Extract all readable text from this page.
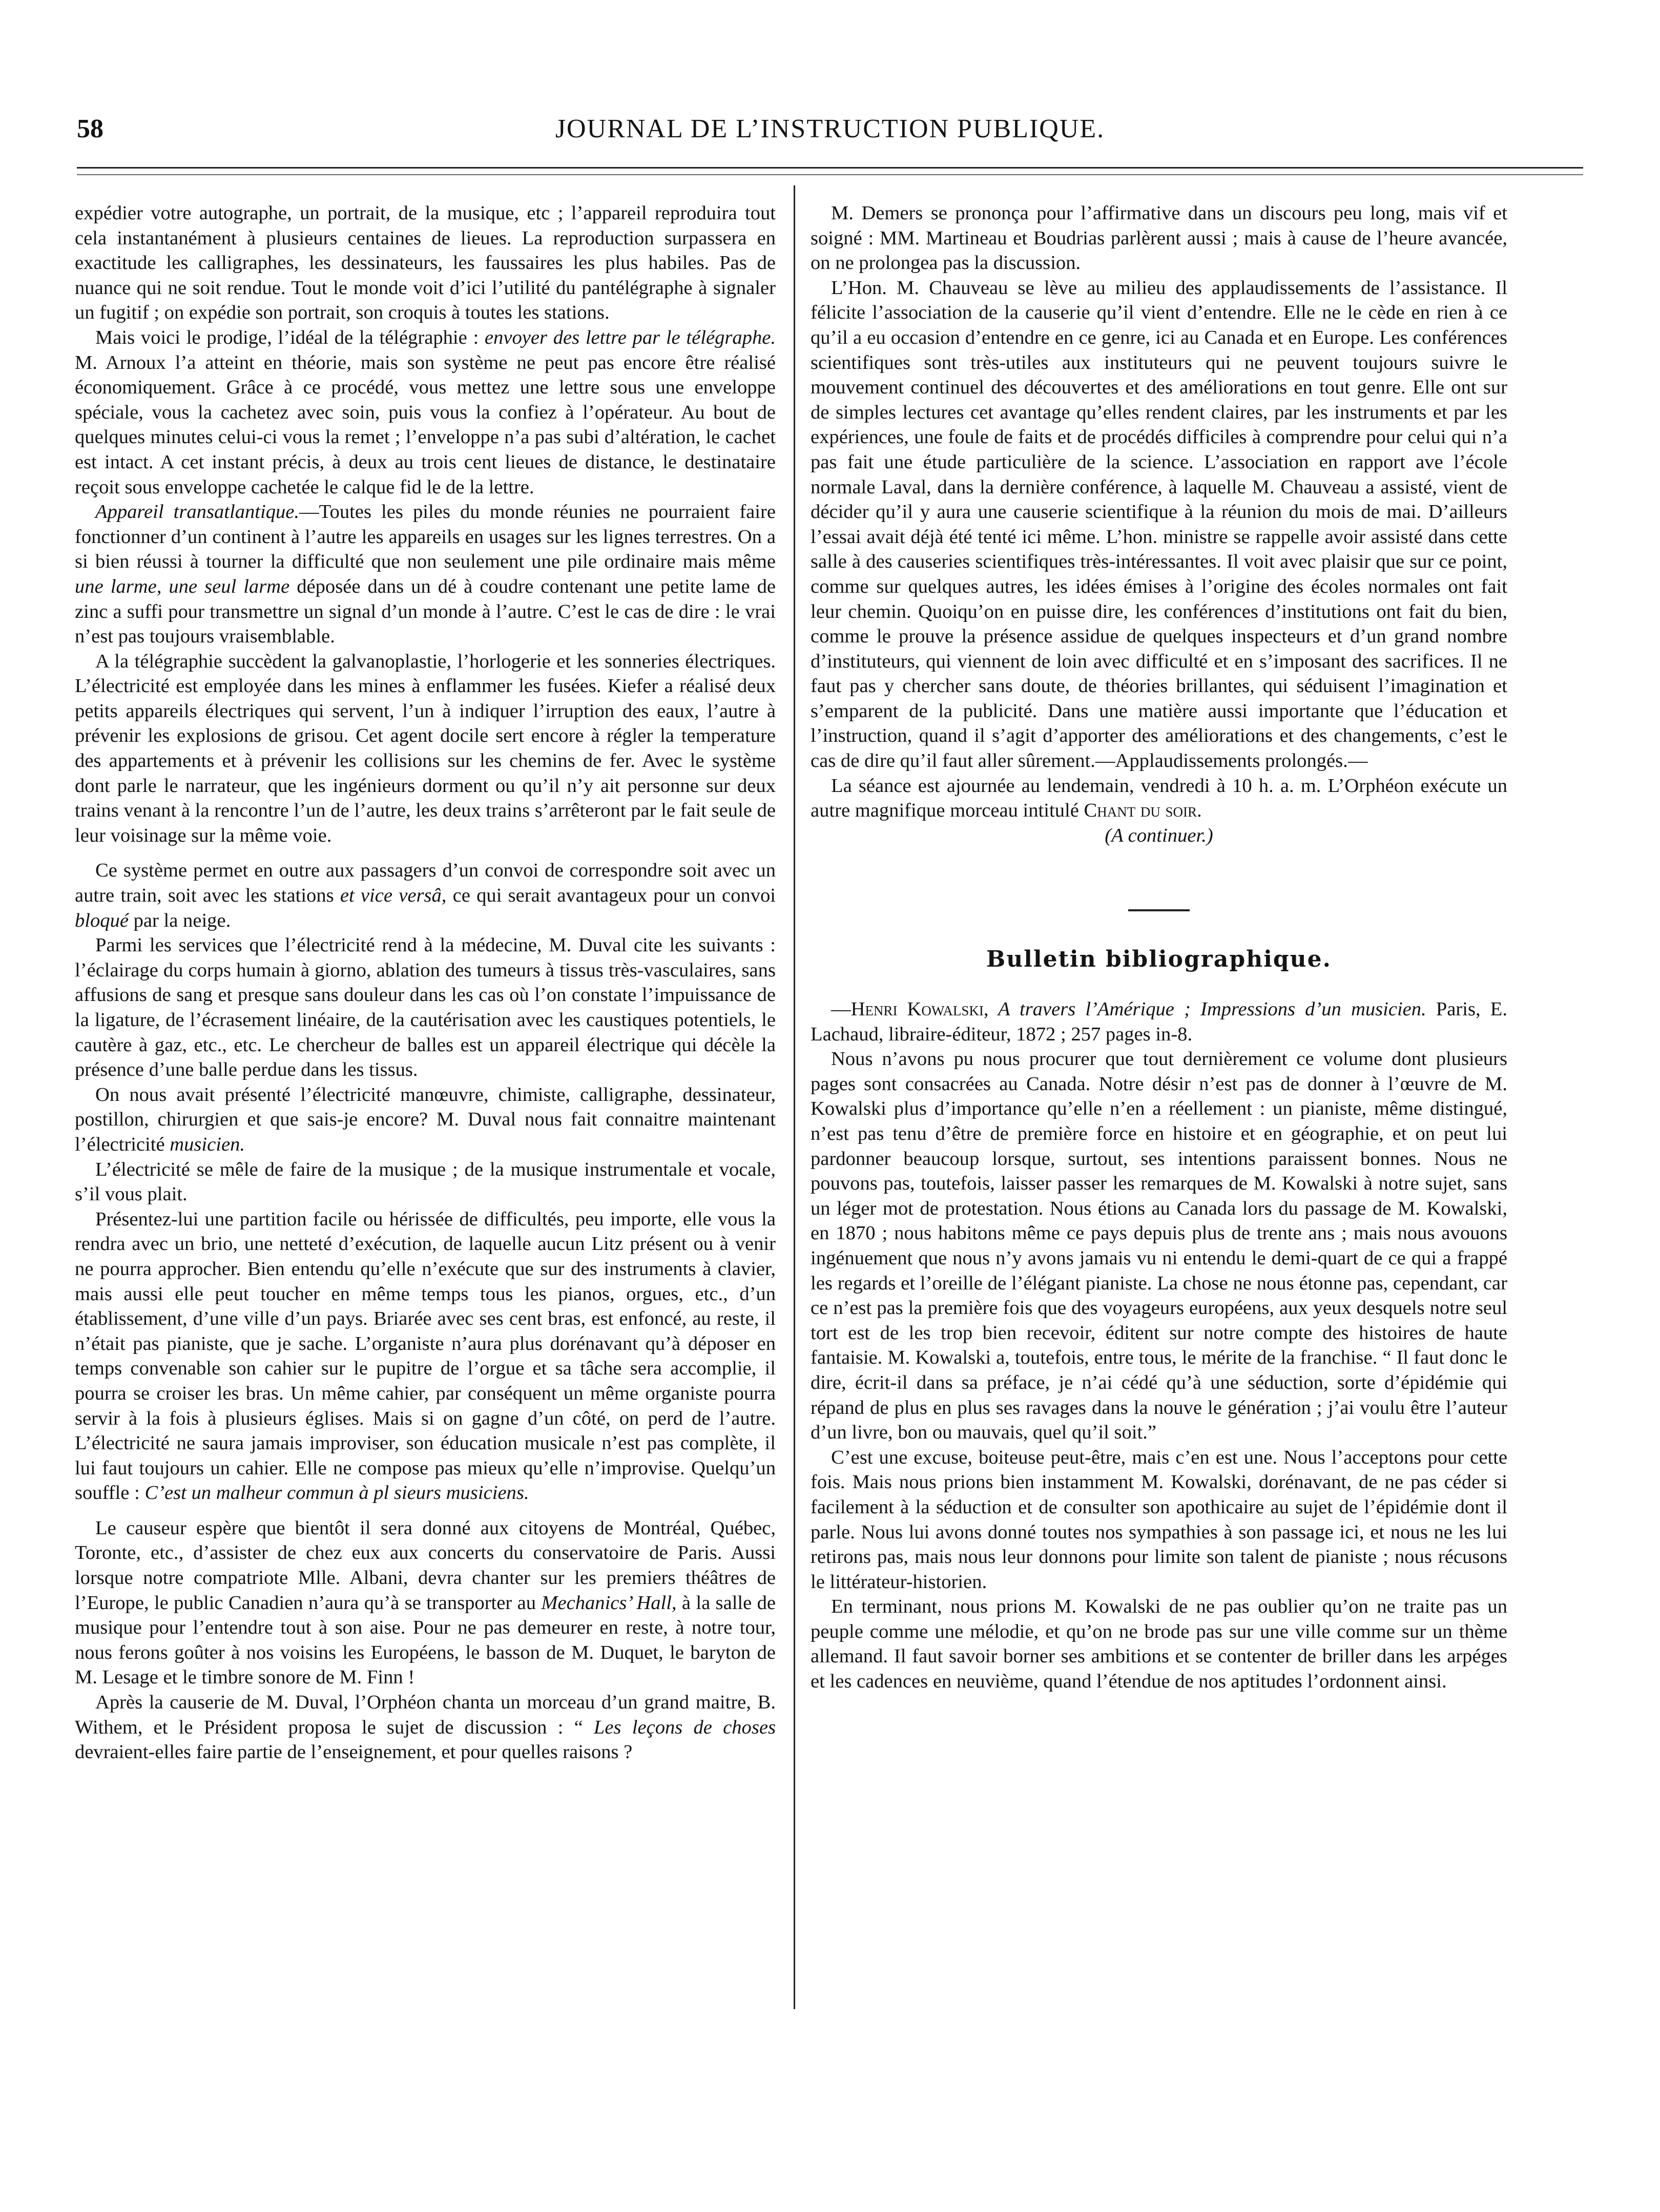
58	JOURNAL DE L’INSTRUCTION PUBLIQUE.

expédier votre autographe, un portrait, de la musique, etc ; l’appareil reproduira tout cela instantanément à plusieurs centaines de lieues. La reproduction surpassera en exactitude les calligraphes, les dessinateurs, les faussaires les plus habiles. Pas de nuance qui ne soit rendue. Tout le monde voit d’ici l’utilité du pantélégraphe à signaler un fugitif ; on expédie son portrait, son croquis à toutes les stations.

Mais voici le prodige, l’idéal de la télégraphie : envoyer des lettre par le télégraphe. M. Arnoux l’a atteint en théorie, mais son système ne peut pas encore être réalisé économiquement. Grâce à ce procédé, vous mettez une lettre sous une enveloppe spéciale, vous la cachetez avec soin, puis vous la confiez à l’opérateur. Au bout de quelques minutes celui-ci vous la remet ; l’enveloppe n’a pas subi d’altération, le cachet est intact. A cet instant précis, à deux au trois cent lieues de distance, le destinataire reçoit sous enveloppe cachetée le calque fid le de la lettre.

Appareil transatlantique.—Toutes les piles du monde réunies ne pourraient faire fonctionner d’un continent à l’autre les appareils en usages sur les lignes terrestres. On a si bien réussi à tourner la difficulté que non seulement une pile ordinaire mais même une larme, une seul larme déposée dans un dé à coudre contenant une petite lame de zinc a suffi pour transmettre un signal d’un monde à l’autre. C’est le cas de dire : le vrai n’est pas toujours vraisemblable.

A la télégraphie succèdent la galvanoplastie, l’horlogerie et les sonneries électriques. L’électricité est employée dans les mines à enflammer les fusées. Kiefer a réalisé deux petits appareils électriques qui servent, l’un à indiquer l’irruption des eaux, l’autre à prévenir les explosions de grisou. Cet agent docile sert encore à régler la temperature des appartements et à prévenir les collisions sur les chemins de fer. Avec le système dont parle le narrateur, que les ingénieurs dorment ou qu’il n’y ait personne sur deux trains venant à la rencontre l’un de l’autre, les deux trains s’arrêteront par le fait seule de leur voisinage sur la même voie.

Ce système permet en outre aux passagers d’un convoi de correspondre soit avec un autre train, soit avec les stations et vice versâ, ce qui serait avantageux pour un convoi bloqué par la neige.

Parmi les services que l’électricité rend à la médecine, M. Duval cite les suivants : l’éclairage du corps humain à giorno, ablation des tumeurs à tissus très-vasculaires, sans affusions de sang et presque sans douleur dans les cas où l’on constate l’impuissance de la ligature, de l’écrasement linéaire, de la cautérisation avec les caustiques potentiels, le cautère à gaz, etc., etc. Le chercheur de balles est un appareil électrique qui décèle la présence d’une balle perdue dans les tissus.

On nous avait présenté l’électricité manœuvre, chimiste, calligraphe, dessinateur, postillon, chirurgien et que sais-je encore? M. Duval nous fait connaitre maintenant l’électricité musicien.

L’électricité se mêle de faire de la musique ; de la musique instrumentale et vocale, s’il vous plait.

Présentez-lui une partition facile ou hérissée de difficultés, peu importe, elle vous la rendra avec un brio, une netteté d’exécution, de laquelle aucun Litz présent ou à venir ne pourra approcher. Bien entendu qu’elle n’exécute que sur des instruments à clavier, mais aussi elle peut toucher en même temps tous les pianos, orgues, etc., d’un établissement, d’une ville d’un pays. Briarée avec ses cent bras, est enfoncé, au reste, il n’était pas pianiste, que je sache. L’organiste n’aura plus dorénavant qu’à déposer en temps convenable son cahier sur le pupitre de l’orgue et sa tâche sera accomplie, il pourra se croiser les bras. Un même cahier, par conséquent un même organiste pourra servir à la fois à plusieurs églises. Mais si on gagne d’un côté, on perd de l’autre. L’électricité ne saura jamais improviser, son éducation musicale n’est pas complète, il lui faut toujours un cahier. Elle ne compose pas mieux qu’elle n’improvise. Quelqu’un souffle : C’est un malheur commun à pl sieurs musiciens.

Le causeur espère que bientôt il sera donné aux citoyens de Montréal, Québec, Toronte, etc., d’assister de chez eux aux concerts du conservatoire de Paris. Aussi lorsque notre compatriote Mlle. Albani, devra chanter sur les premiers théâtres de l’Europe, le public Canadien n’aura qu’à se transporter au Mechanics’ Hall, à la salle de musique pour l’entendre tout à son aise. Pour ne pas demeurer en reste, à notre tour, nous ferons goûter à nos voisins les Européens, le basson de M. Duquet, le baryton de M. Lesage et le timbre sonore de M. Finn !

Après la causerie de M. Duval, l’Orphéon chanta un morceau d’un grand maitre, B. Withem, et le Président proposa le sujet de discussion : “ Les leçons de choses devraient-elles faire partie de l’enseignement, et pour quelles raisons ?

M. Demers se prononça pour l’affirmative dans un discours peu long, mais vif et soigné : MM. Martineau et Boudrias parlèrent aussi ; mais à cause de l’heure avancée, on ne prolongea pas la discussion.

L’Hon. M. Chauveau se lève au milieu des applaudissements de l’assistance. Il félicite l’association de la causerie qu’il vient d’entendre. Elle ne le cède en rien à ce qu’il a eu occasion d’entendre en ce genre, ici au Canada et en Europe. Les conférences scientifiques sont très-utiles aux instituteurs qui ne peuvent toujours suivre le mouvement continuel des découvertes et des améliorations en tout genre. Elle ont sur de simples lectures cet avantage qu’elles rendent claires, par les instruments et par les expériences, une foule de faits et de procédés difficiles à comprendre pour celui qui n’a pas fait une étude particulière de la science. L’association en rapport ave l’école normale Laval, dans la dernière conférence, à laquelle M. Chauveau a assisté, vient de décider qu’il y aura une causerie scientifique à la réunion du mois de mai. D’ailleurs l’essai avait déjà été tenté ici même. L’hon. ministre se rappelle avoir assisté dans cette salle à des causeries scientifiques très-intéressantes. Il voit avec plaisir que sur ce point, comme sur quelques autres, les idées émises à l’origine des écoles normales ont fait leur chemin. Quoiqu’on en puisse dire, les conférences d’institutions ont fait du bien, comme le prouve la présence assidue de quelques inspecteurs et d’un grand nombre d’instituteurs, qui viennent de loin avec difficulté et en s’imposant des sacrifices. Il ne faut pas y chercher sans doute, de théories brillantes, qui séduisent l’imagination et s’emparent de la publicité. Dans une matière aussi importante que l’éducation et l’instruction, quand il s’agit d’apporter des améliorations et des changements, c’est le cas de dire qu’il faut aller sûrement.—Applaudissements prolongés.—

La séance est ajournée au lendemain, vendredi à 10 h. a. m. L’Orphéon exécute un autre magnifique morceau intitulé Chant du soir.

(A continuer.)

Bulletin bibliographique.

—Henri Kowalski, A travers l’Amérique ; Impressions d’un musicien. Paris, E. Lachaud, libraire-éditeur, 1872 ; 257 pages in-8.

Nous n’avons pu nous procurer que tout dernièrement ce volume dont plusieurs pages sont consacrées au Canada. Notre désir n’est pas de donner à l’œuvre de M. Kowalski plus d’importance qu’elle n’en a réellement : un pianiste, même distingué, n’est pas tenu d’être de première force en histoire et en géographie, et on peut lui pardonner beaucoup lorsque, surtout, ses intentions paraissent bonnes. Nous ne pouvons pas, toutefois, laisser passer les remarques de M. Kowalski à notre sujet, sans un léger mot de protestation. Nous étions au Canada lors du passage de M. Kowalski, en 1870 ; nous habitons même ce pays depuis plus de trente ans ; mais nous avouons ingénuement que nous n’y avons jamais vu ni entendu le demi-quart de ce qui a frappé les regards et l’oreille de l’élégant pianiste. La chose ne nous étonne pas, cependant, car ce n’est pas la première fois que des voyageurs européens, aux yeux desquels notre seul tort est de les trop bien recevoir, éditent sur notre compte des histoires de haute fantaisie. M. Kowalski a, toutefois, entre tous, le mérite de la franchise. “ Il faut donc le dire, écrit-il dans sa préface, je n’ai cédé qu’à une séduction, sorte d’épidémie qui répand de plus en plus ses ravages dans la nouve le génération ; j’ai voulu être l’auteur d’un livre, bon ou mauvais, quel qu’il soit.”

C’est une excuse, boiteuse peut-être, mais c’en est une. Nous l’acceptons pour cette fois. Mais nous prions bien instamment M. Kowalski, dorénavant, de ne pas céder si facilement à la séduction et de consulter son apothicaire au sujet de l’épidémie dont il parle. Nous lui avons donné toutes nos sympathies à son passage ici, et nous ne les lui retirons pas, mais nous leur donnons pour limite son talent de pianiste ; nous récusons le littérateur-historien.

En terminant, nous prions M. Kowalski de ne pas oublier qu’on ne traite pas un peuple comme une mélodie, et qu’on ne brode pas sur une ville comme sur un thème allemand. Il faut savoir borner ses ambitions et se contenter de briller dans les arpéges et les cadences en neuvième, quand l’étendue de nos aptitudes l’ordonnent ainsi.
